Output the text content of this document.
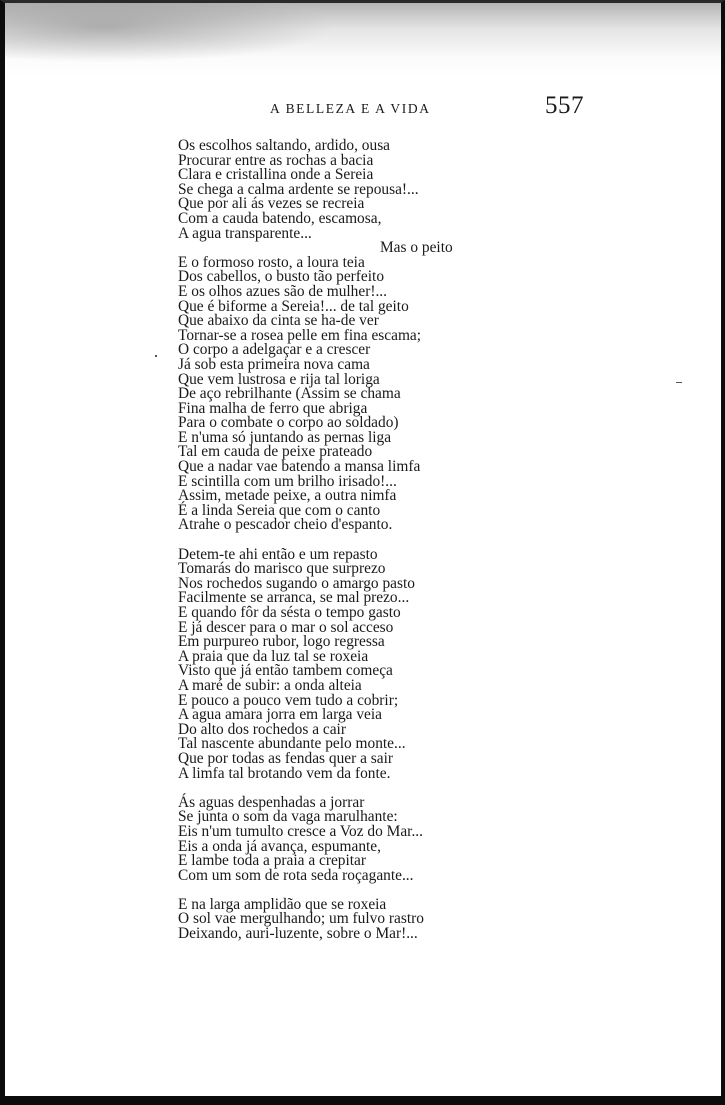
A BELLEZA E A VIDA	557

Os escolhos saltando, ardido, ousa
Procurar entre as rochas a bacia
Clara e cristallina onde a Sereia
Se chega a calma ardente se repousa!...
Que por ali ás vezes se recreia
Com a cauda batendo, escamosa,
A agua transparente...
Mas o peito
E o formoso rosto, a loura teia
Dos cabellos, o busto tão perfeito
E os olhos azues são de mulher!...
Que é biforme a Sereia!... de tal geito
Que abaixo da cinta se ha-de ver
Tornar-se a rosea pelle em fina escama;
O corpo a adelgaçar e a crescer
Já sob esta primeira nova cama
Que vem lustrosa e rija tal loriga
De aço rebrilhante (Assim se chama
Fina malha de ferro que abriga
Para o combate o corpo ao soldado)
E n'uma só juntando as pernas liga
Tal em cauda de peixe prateado
Que a nadar vae batendo a mansa limfa
E scintilla com um brilho irisado!...
Assim, metade peixe, a outra nimfa
É a linda Sereia que com o canto
Atrahe o pescador cheio d'espanto.

Detem-te ahi então e um repasto
Tomarás do marisco que surprezo
Nos rochedos sugando o amargo pasto
Facilmente se arranca, se mal prezo...
E quando fôr da sésta o tempo gasto
E já descer para o mar o sol acceso
Em purpureo rubor, logo regressa
A praia que da luz tal se roxeia
Visto que já então tambem começa
A maré de subir: a onda alteia
E pouco a pouco vem tudo a cobrir;
A agua amara jorra em larga veia
Do alto dos rochedos a cair
Tal nascente abundante pelo monte...
Que por todas as fendas quer a sair
A limfa tal brotando vem da fonte.

Ás aguas despenhadas a jorrar
Se junta o som da vaga marulhante:
Eis n'um tumulto cresce a Voz do Mar...
Eis a onda já avança, espumante,
E lambe toda a praia a crepitar
Com um som de rota seda roçagante...

E na larga amplidão que se roxeia
O sol vae mergulhando; um fulvo rastro
Deixando, auri-luzente, sobre o Mar!...
